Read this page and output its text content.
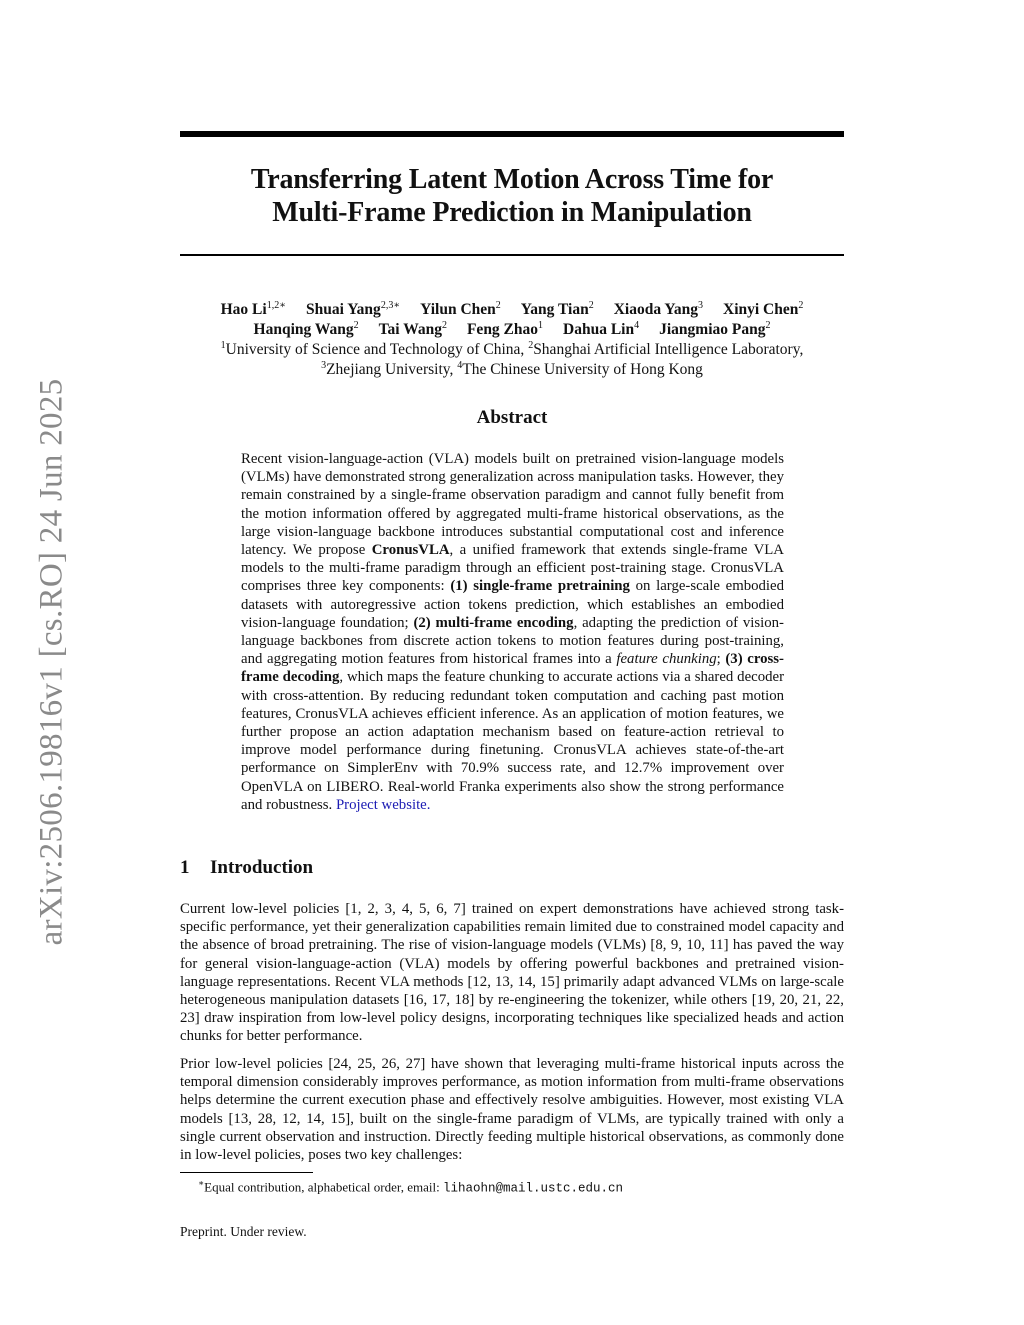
arXiv:2506.19816v1 [cs.RO] 24 Jun 2025
Transferring Latent Motion Across Time for
Multi-Frame Prediction in Manipulation
Hao $Li^{1,2∗}$ Shuai Yang$^{2,3∗}$ Yilun Chen$^2$ Yang Tian$^2$ Xiaoda Yang$^3$ Xinyi Chen$^2$
Hanqing Wang$^2$ Tai Wang$^2$ Feng Zhao$^1$ Dahua Lin$^4$ Jiangmiao Pang$^2$
$^1$University of Science and Technology of China, $^2$Shanghai Artificial Intelligence Laboratory,
$^3$Zhejiang University, $^4$The Chinese University of Hong Kong
Abstract
Recent vision-language-action (VLA) models built on pretrained vision-language models (VLMs) have demonstrated strong generalization across manipulation tasks. However, they remain constrained by a single-frame observation paradigm and cannot fully benefit from the motion information offered by aggregated multi-frame historical observations, as the large vision-language backbone introduces substantial computational cost and inference latency. We propose CronusVLA, a unified framework that extends single-frame VLA models to the multi-frame paradigm through an efficient post-training stage. CronusVLA comprises three key components: (1) single-frame pretraining on large-scale embodied datasets with autoregressive action tokens prediction, which establishes an embodied vision-language foundation; (2) multi-frame encoding, adapting the prediction of vision-language backbones from discrete action tokens to motion features during post-training, and aggregating motion features from historical frames into a feature chunking; (3) cross-frame decoding, which maps the feature chunking to accurate actions via a shared decoder with cross-attention. By reducing redundant token computation and caching past motion features, CronusVLA achieves efficient inference. As an application of motion features, we further propose an action adaptation mechanism based on feature-action retrieval to improve model performance during finetuning. CronusVLA achieves state-of-the-art performance on SimplerEnv with 70.9% success rate, and 12.7% improvement over OpenVLA on LIBERO. Real-world Franka experiments also show the strong performance and robustness. Project website.
1 Introduction
Current low-level policies [1, 2, 3, 4, 5, 6, 7] trained on expert demonstrations have achieved strong task-specific performance, yet their generalization capabilities remain limited due to constrained model capacity and the absence of broad pretraining. The rise of vision-language models (VLMs) [8, 9, 10, 11] has paved the way for general vision-language-action (VLA) models by offering powerful backbones and pretrained vision-language representations. Recent VLA methods [12, 13, 14, 15] primarily adapt advanced VLMs on large-scale heterogeneous manipulation datasets [16, 17, 18] by re-engineering the tokenizer, while others [19, 20, 21, 22, 23] draw inspiration from low-level policy designs, incorporating techniques like specialized heads and action chunks for better performance.
Prior low-level policies [24, 25, 26, 27] have shown that leveraging multi-frame historical inputs across the temporal dimension considerably improves performance, as motion information from multi-frame observations helps determine the current execution phase and effectively resolve ambiguities. However, most existing VLA models [13, 28, 12, 14, 15], built on the single-frame paradigm of VLMs, are typically trained with only a single current observation and instruction. Directly feeding multiple historical observations, as commonly done in low-level policies, poses two key challenges:
∗Equal contribution, alphabetical order, email: lihaohn@mail.ustc.edu.cn
Preprint. Under review.
